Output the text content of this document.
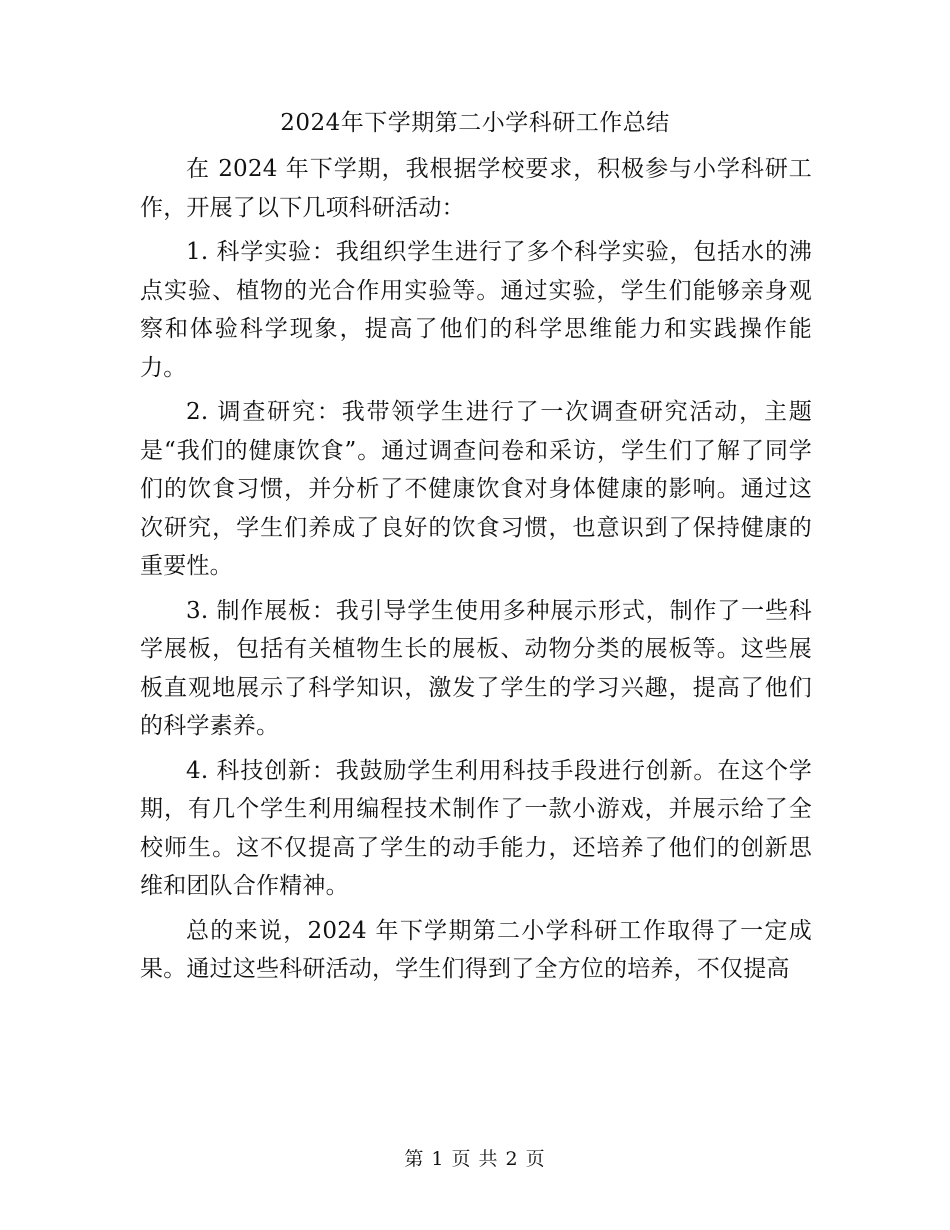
2024年下学期第二小学科研工作总结

在 2024 年下学期，我根据学校要求，积极参与小学科研工作，开展了以下几项科研活动：

1. 科学实验：我组织学生进行了多个科学实验，包括水的沸点实验、植物的光合作用实验等。通过实验，学生们能够亲身观察和体验科学现象，提高了他们的科学思维能力和实践操作能力。

2. 调查研究：我带领学生进行了一次调查研究活动，主题是“我们的健康饮食”。通过调查问卷和采访，学生们了解了同学们的饮食习惯，并分析了不健康饮食对身体健康的影响。通过这次研究，学生们养成了良好的饮食习惯，也意识到了保持健康的重要性。

3. 制作展板：我引导学生使用多种展示形式，制作了一些科学展板，包括有关植物生长的展板、动物分类的展板等。这些展板直观地展示了科学知识，激发了学生的学习兴趣，提高了他们的科学素养。

4. 科技创新：我鼓励学生利用科技手段进行创新。在这个学期，有几个学生利用编程技术制作了一款小游戏，并展示给了全校师生。这不仅提高了学生的动手能力，还培养了他们的创新思维和团队合作精神。

总的来说，2024 年下学期第二小学科研工作取得了一定成果。通过这些科研活动，学生们得到了全方位的培养，不仅提高

第 1 页 共 2 页
